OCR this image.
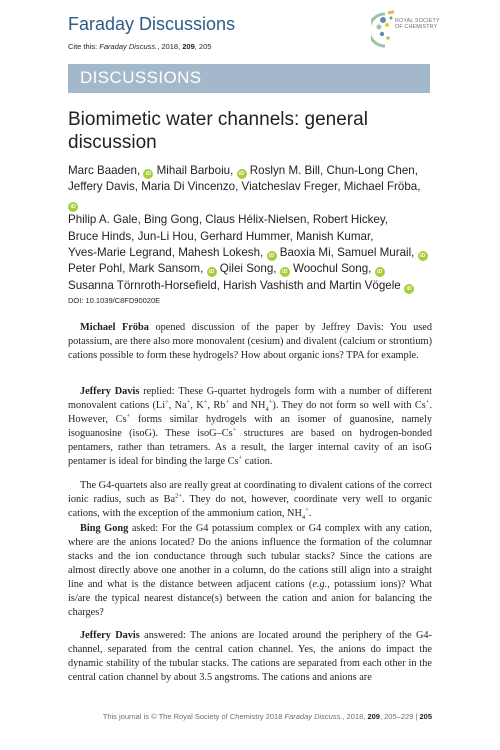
Faraday Discussions
Cite this: Faraday Discuss., 2018, 209, 205
ROYAL SOCIETY OF CHEMISTRY
DISCUSSIONS
Biomimetic water channels: general discussion
Marc Baaden, iD Mihail Barboiu, iD Roslyn M. Bill, Chun-Long Chen,
Jeffery Davis, Maria Di Vincenzo, Viatcheslav Freger, Michael Fröba, iD
Philip A. Gale, Bing Gong, Claus Hélix-Nielsen, Robert Hickey,
Bruce Hinds, Jun-Li Hou, Gerhard Hummer, Manish Kumar,
Yves-Marie Legrand, Mahesh Lokesh, iD Baoxia Mi, Samuel Murail, iD
Peter Pohl, Mark Sansom, iD Qilei Song, iD Woochul Song, iD
Susanna Törnroth-Horsefield, Harish Vashisth and Martin Vögele iD
DOI: 10.1039/C8FD90020E

Michael Fröba opened discussion of the paper by Jeffrey Davis: You used potassium, are there also more monovalent (cesium) and divalent (calcium or strontium) cations possible to form these hydrogels? How about organic ions? TPA for example.

Jeffery Davis replied: These G-quartet hydrogels form with a number of different monovalent cations (Li+, Na+, K+, Rb+ and $NH_4^+$). They do not form so well with Cs+. However, Cs+ forms similar hydrogels with an isomer of guanosine, namely isoguanosine (isoG). These isoG–Cs+ structures are based on hydrogen-bonded pentamers, rather than tetramers. As a result, the larger internal cavity of an isoG pentamer is ideal for binding the large Cs+ cation.

The G4-quartets also are really great at coordinating to divalent cations of the correct ionic radius, such as $Ba^{2+}$. They do not, however, coordinate very well to organic cations, with the exception of the ammonium cation, $NH_4^+$.

Bing Gong asked: For the G4 potassium complex or G4 complex with any cation, where are the anions located? Do the anions influence the formation of the columnar stacks and the ion conductance through such tubular stacks? Since the cations are almost directly above one another in a column, do the cations still align into a straight line and what is the distance between adjacent cations (e.g., potassium ions)? What is/are the typical nearest distance(s) between the cation and anion for balancing the charges?

Jeffery Davis answered: The anions are located around the periphery of the G4-channel, separated from the central cation channel. Yes, the anions do impact the dynamic stability of the tubular stacks. The cations are separated from each other in the central cation channel by about 3.5 angstroms. The cations and anions are

This journal is © The Royal Society of Chemistry 2018 Faraday Discuss., 2018, 209, 205–229 | 205
